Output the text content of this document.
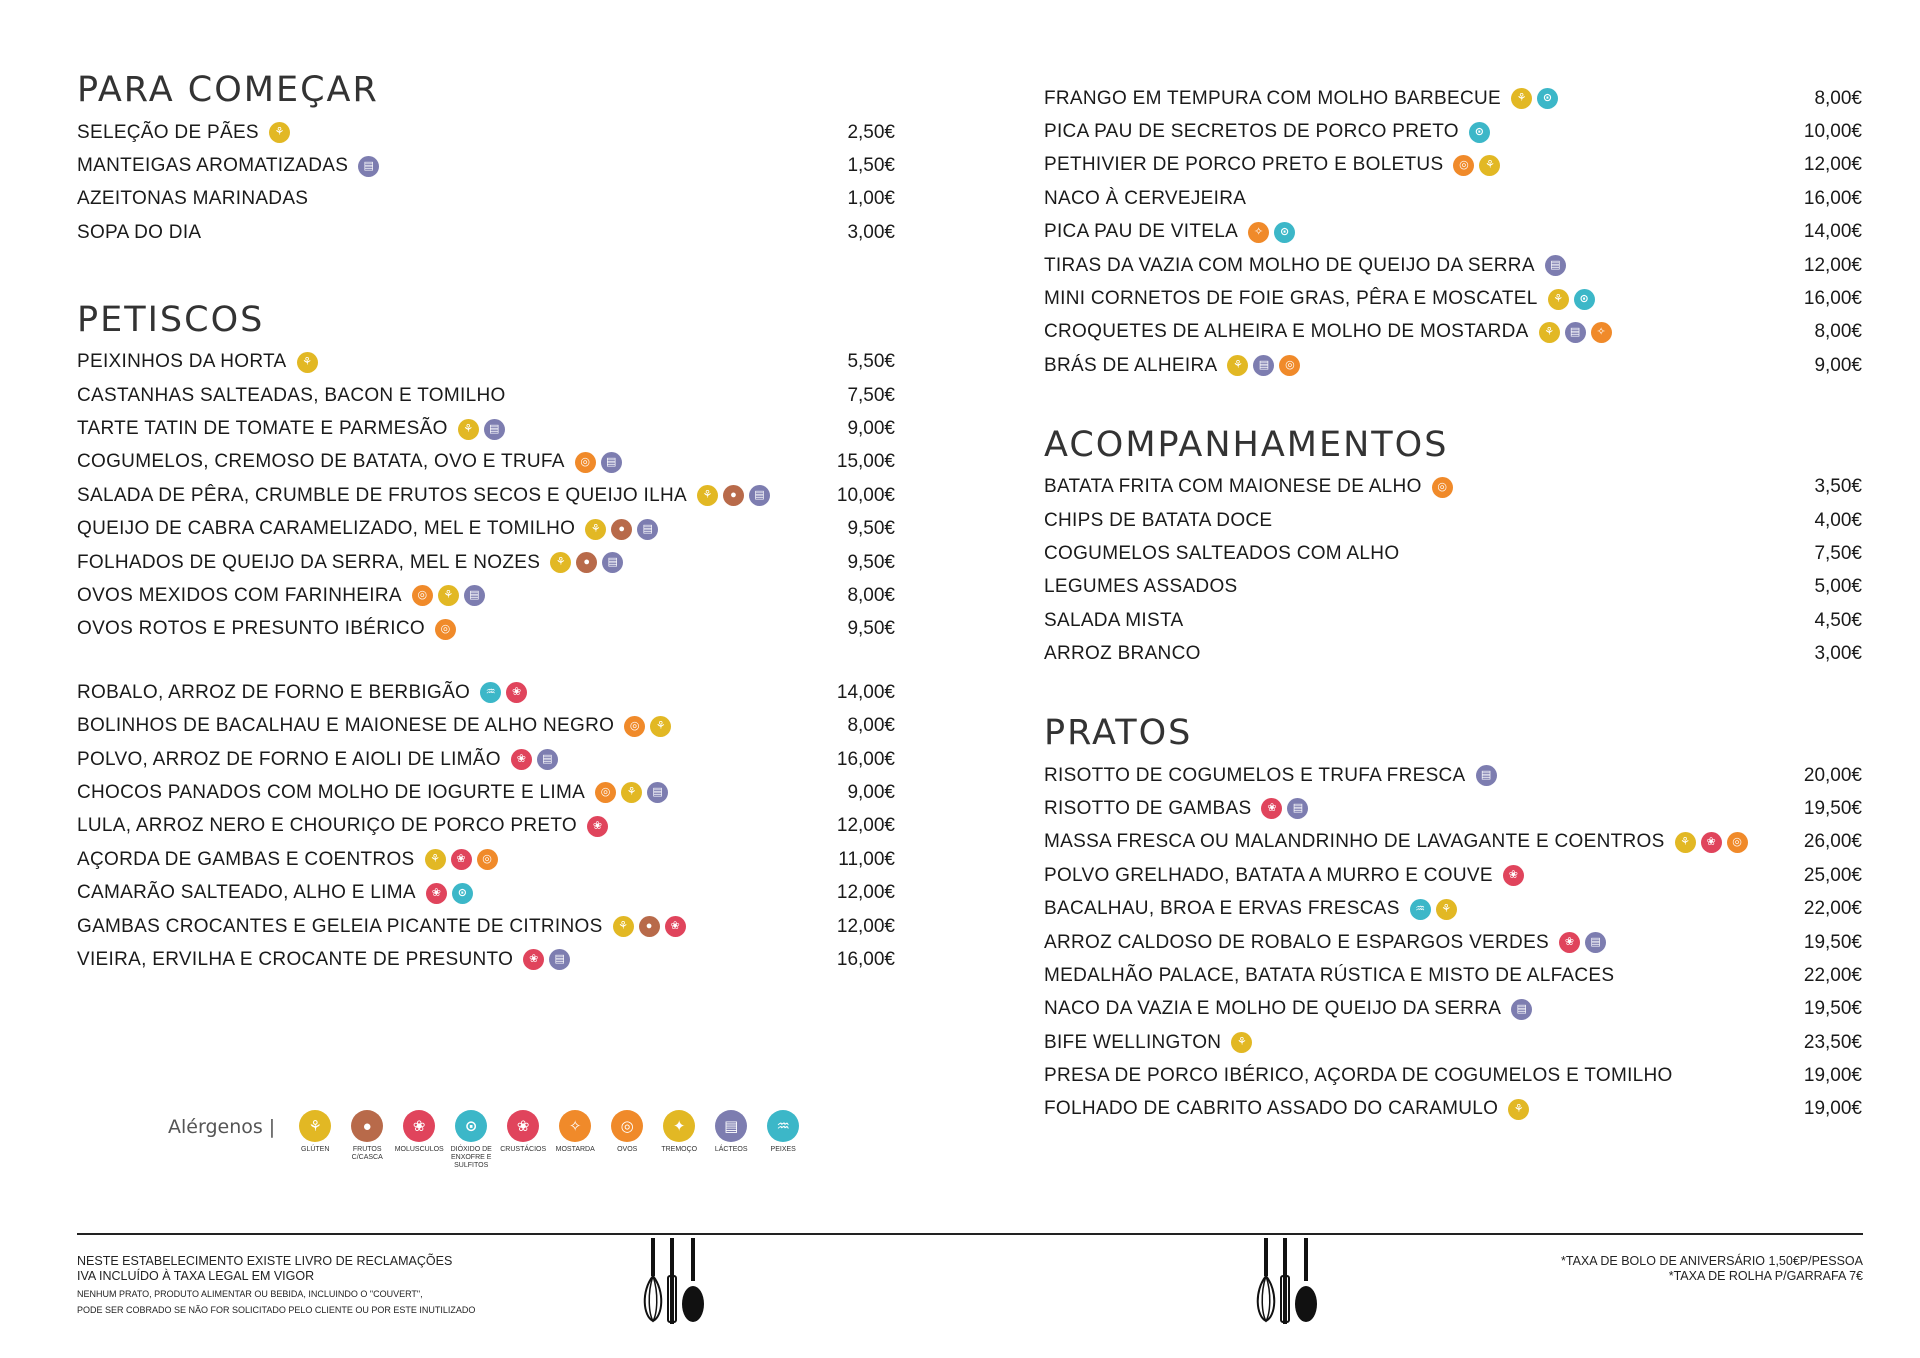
PARA COMEÇAR
SELEÇÃO DE PÃES	⚘	2,50€
MANTEIGAS AROMATIZADAS	▤	1,50€
AZEITONAS MARINADAS	1,00€
SOPA DO DIA	3,00€
PETISCOS
PEIXINHOS DA HORTA	⚘	5,50€
CASTANHAS SALTEADAS, BACON E TOMILHO	7,50€
TARTE TATIN DE TOMATE E PARMESÃO	⚘	▤	9,00€
COGUMELOS, CREMOSO DE BATATA, OVO E TRUFA	◎	▤	15,00€
SALADA DE PÊRA, CRUMBLE DE FRUTOS SECOS E QUEIJO ILHA	⚘	●	▤	10,00€
QUEIJO DE CABRA CARAMELIZADO, MEL E TOMILHO	⚘	●	▤	9,50€
FOLHADOS DE QUEIJO DA SERRA, MEL E NOZES	⚘	●	▤	9,50€
OVOS MEXIDOS COM FARINHEIRA	◎	⚘	▤	8,00€
OVOS ROTOS E PRESUNTO IBÉRICO	◎	9,50€
ROBALO, ARROZ DE FORNO E BERBIGÃO	♒	❀	14,00€
BOLINHOS DE BACALHAU E MAIONESE DE ALHO NEGRO	◎	⚘	8,00€
POLVO, ARROZ DE FORNO E AIOLI DE LIMÃO	❀	▤	16,00€
CHOCOS PANADOS COM MOLHO DE IOGURTE E LIMA	◎	⚘	▤	9,00€
LULA, ARROZ NERO E CHOURIÇO DE PORCO PRETO	❀	12,00€
AÇORDA DE GAMBAS E COENTROS	⚘	❀	◎	11,00€
CAMARÃO SALTEADO, ALHO E LIMA	❀	⊙	12,00€
GAMBAS CROCANTES E GELEIA PICANTE DE CITRINOS	⚘	●	❀	12,00€
VIEIRA, ERVILHA E CROCANTE DE PRESUNTO	❀	▤	16,00€
FRANGO EM TEMPURA COM MOLHO BARBECUE	⚘	⊙	8,00€
PICA PAU DE SECRETOS DE PORCO PRETO	⊙	10,00€
PETHIVIER DE PORCO PRETO E BOLETUS	◎	⚘	12,00€
NACO À CERVEJEIRA	16,00€
PICA PAU DE VITELA	✧	⊙	14,00€
TIRAS DA VAZIA COM MOLHO DE QUEIJO DA SERRA	▤	12,00€
MINI CORNETOS DE FOIE GRAS, PÊRA E MOSCATEL	⚘	⊙	16,00€
CROQUETES DE ALHEIRA E MOLHO DE MOSTARDA	⚘	▤	✧	8,00€
BRÁS DE ALHEIRA	⚘	▤	◎	9,00€
ACOMPANHAMENTOS
BATATA FRITA COM MAIONESE DE ALHO	◎	3,50€
CHIPS DE BATATA DOCE	4,00€
COGUMELOS SALTEADOS COM ALHO	7,50€
LEGUMES ASSADOS	5,00€
SALADA MISTA	4,50€
ARROZ BRANCO	3,00€
PRATOS
RISOTTO DE COGUMELOS E TRUFA FRESCA	▤	20,00€
RISOTTO DE GAMBAS	❀	▤	19,50€
MASSA FRESCA OU MALANDRINHO DE LAVAGANTE E COENTROS	⚘	❀	◎	26,00€
POLVO GRELHADO, BATATA A MURRO E COUVE	❀	25,00€
BACALHAU, BROA E ERVAS FRESCAS	♒	⚘	22,00€
ARROZ CALDOSO DE ROBALO E ESPARGOS VERDES	❀	▤	19,50€
MEDALHÃO PALACE, BATATA RÚSTICA E MISTO DE ALFACES	22,00€
NACO DA VAZIA E MOLHO DE QUEIJO DA SERRA	▤	19,50€
BIFE WELLINGTON	⚘	23,50€
PRESA DE PORCO IBÉRICO, AÇORDA DE COGUMELOS E TOMILHO	19,00€
FOLHADO DE CABRITO ASSADO DO CARAMULO	⚘	19,00€
Alérgenos |	⚘
GLÚTEN
●
FRUTOS C/CASCA
❀
MOLUSCULOS
⊙
DIÓXIDO DE ENXOFRE E SULFITOS
❀
CRUSTÁCIOS
✧
MOSTARDA
◎
OVOS
✦
TREMOÇO
▤
LÁCTEOS
♒
PEIXES
NESTE ESTABELECIMENTO EXISTE LIVRO DE RECLAMAÇÕES
IVA INCLUÍDO À TAXA LEGAL EM VIGOR
NENHUM PRATO, PRODUTO ALIMENTAR OU BEBIDA, INCLUINDO O "COUVERT",
PODE SER COBRADO SE NÃO FOR SOLICITADO PELO CLIENTE OU POR ESTE INUTILIZADO
*TAXA DE BOLO DE ANIVERSÁRIO 1,50€P/PESSOA
*TAXA DE ROLHA P/GARRAFA 7€
